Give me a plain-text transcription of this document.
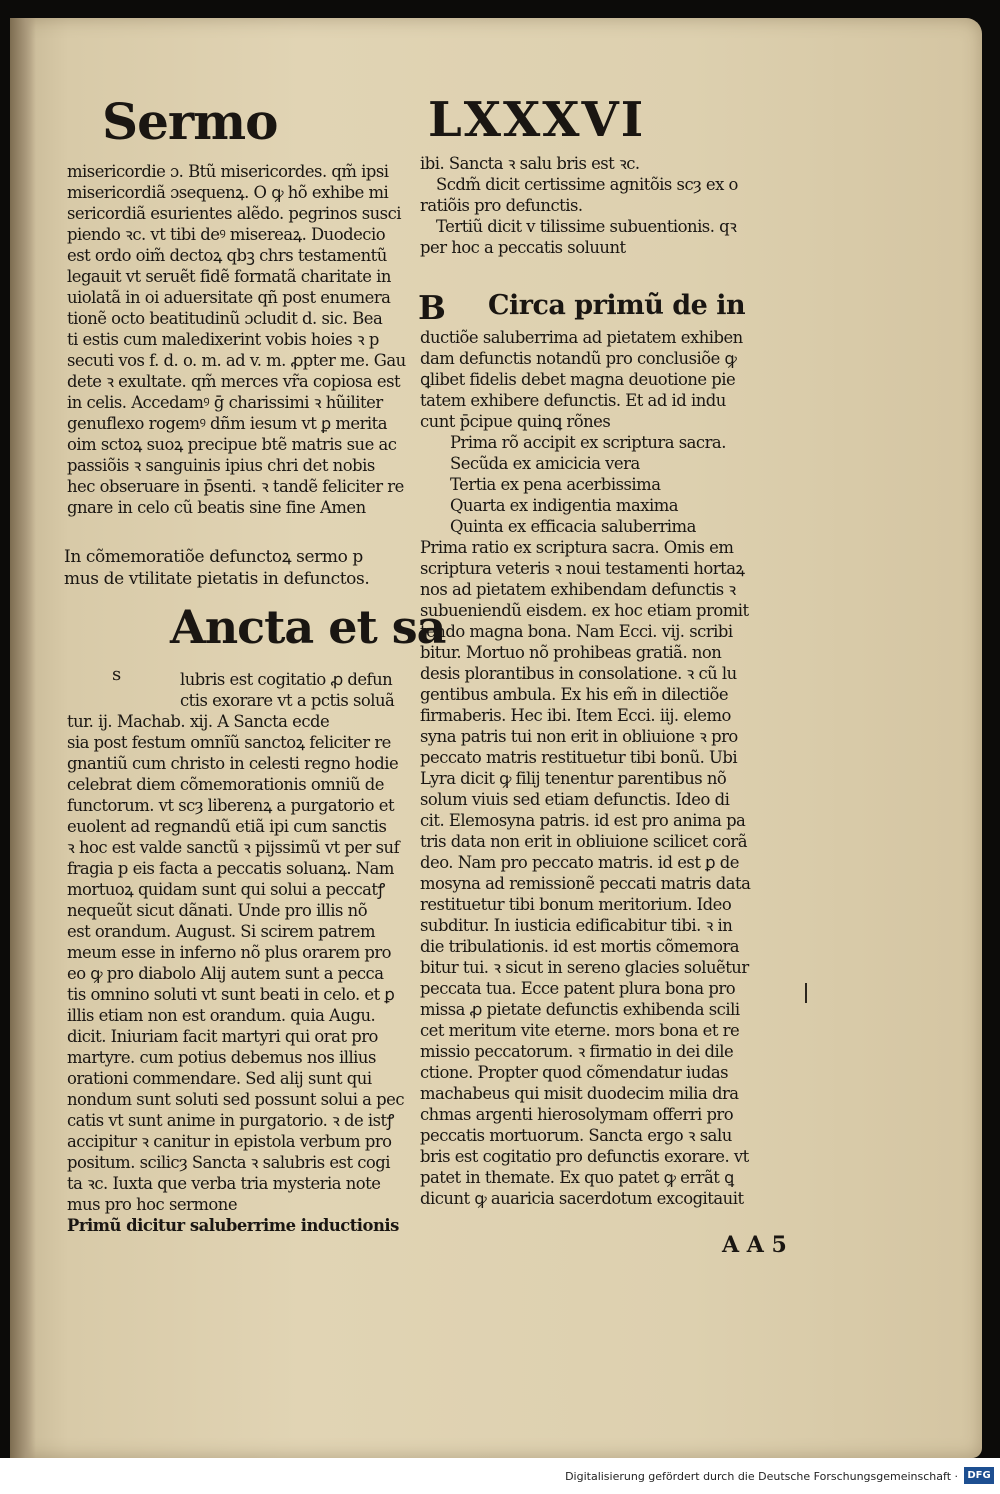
Sermo	LXXXVI
misericordie ɔ. Btũ misericordes. qm̃ ipsi
misericordiã ɔsequenꝝ. O ꝙ hõ exhibe mi
sericordiã esurientes alẽdo. pegrinos susci
piendo ꝛc. vt tibi deꝰ misereaꝝ. Duodecio
est ordo oim̃ dectoꝝ qbꝫ chrs testamentũ
legauit vt seruẽt fidẽ formatã charitate in
uiolatã in oi aduersitate qñ post enumera
tionẽ octo beatitudinũ ɔcludit d. sic. Bea
ti estis cum maledixerint vobis hoies ꝛ p
secuti vos f. d. o. m. ad v. m. ꝓpter me. Gau
dete ꝛ exultate. qm̃ merces vr̃a copiosa est
in celis. Accedamꝰ ḡ charissimi ꝛ hũiliter
genuflexo rogemꝰ dñm iesum vt ꝑ merita
oim sctoꝝ suoꝝ precipue btẽ matris sue ac
passiõis ꝛ sanguinis ipius chri det nobis
hec obseruare in p̄senti. ꝛ tandẽ feliciter re
gnare in celo cũ beatis sine fine Amen
In cõmemoratiõe defunctoꝝ sermo p
mus de vtilitate pietatis in defunctos.
Ancta et sa
s	lubris est cogitatio ꝓ defun
ctis exorare vt a pctis soluã
tur. ij. Machab. xij. A Sancta ecde
sia post festum omnĩũ sanctoꝝ feliciter re
gnantiũ cum christo in celesti regno hodie
celebrat diem cõmemorationis omniũ de
functorum. vt scȝ liberenꝝ a purgatorio et
euolent ad regnandũ etiã ipi cum sanctis
ꝛ hoc est valde sanctũ ꝛ pijssimũ vt per suf
fragia p eis facta a peccatis soluanꝝ. Nam
mortuoꝝ quidam sunt qui solui a peccatꝭ
nequeũt sicut dãnati. Unde pro illis nõ
est orandum. August. Si scirem patrem
meum esse in inferno nõ plus orarem pro
eo ꝙ pro diabolo Alij autem sunt a pecca
tis omnino soluti vt sunt beati in celo. et ꝑ
illis etiam non est orandum. quia Augu.
dicit. Iniuriam facit martyri qui orat pro
martyre. cum potius debemus nos illius
orationi commendare. Sed alij sunt qui
nondum sunt soluti sed possunt solui a pec
catis vt sunt anime in purgatorio. ꝛ de istꝭ
accipitur ꝛ canitur in epistola verbum pro
positum. scilicȝ Sancta ꝛ salubris est cogi
ta ꝛc. Iuxta que verba tria mysteria note
mus pro hoc sermone
Primũ dicitur saluberrime inductionis
ibi. Sancta ꝛ salu bris est ꝛc.
Scdm̃ dicit certissime agnitõis scȝ ex o
ratiõis pro defunctis.
Tertiũ dicit v tilissime subuentionis. qꝛ
per hoc a peccatis soluunt
B Circa primũ de in
ductiõe saluberrima ad pietatem exhiben
dam defunctis notandũ pro conclusiõe ꝙ
ꝗlibet fidelis debet magna deuotione pie
tatem exhibere defunctis. Et ad id indu
cunt p̄cipue quinꝗ rõnes
Prima rõ accipit ex scriptura sacra.
Secũda ex amicicia vera
Tertia ex pena acerbissima
Quarta ex indigentia maxima
Quinta ex efficacia saluberrima
Prima ratio ex scriptura sacra. Omis em
scriptura veteris ꝛ noui testamenti hortaꝝ
nos ad pietatem exhibendam defunctis ꝛ
subueniendũ eisdem. ex hoc etiam promit
tendo magna bona. Nam Ecci. vij. scribi
bitur. Mortuo nõ prohibeas gratiã. non
desis plorantibus in consolatione. ꝛ cũ lu
gentibus ambula. Ex his em̃ in dilectiõe
firmaberis. Hec ibi. Item Ecci. iij. elemo
syna patris tui non erit in obliuione ꝛ pro
peccato matris restituetur tibi bonũ. Ubi
Lyra dicit ꝙ filij tenentur parentibus nõ
solum viuis sed etiam defunctis. Ideo di
cit. Elemosyna patris. id est pro anima pa
tris data non erit in obliuione scilicet corã
deo. Nam pro peccato matris. id est ꝑ de
mosyna ad remissionẽ peccati matris data
restituetur tibi bonum meritorium. Ideo
subditur. In iusticia edificabitur tibi. ꝛ in
die tribulationis. id est mortis cõmemora
bitur tui. ꝛ sicut in sereno glacies soluẽtur
peccata tua. Ecce patent plura bona pro
missa ꝓ pietate defunctis exhibenda scili
cet meritum vite eterne. mors bona et re
missio peccatorum. ꝛ firmatio in dei dile
ctione. Propter quod cõmendatur iudas
machabeus qui misit duodecim milia dra
chmas argenti hierosolymam offerri pro
peccatis mortuorum. Sancta ergo ꝛ salu
bris est cogitatio pro defunctis exorare. vt
patet in themate. Ex quo patet ꝙ errãt ꝗ
dicunt ꝙ auaricia sacerdotum excogitauit
A A 5
Digitalisierung gefördert durch die Deutsche Forschungsgemeinschaft · DFG
